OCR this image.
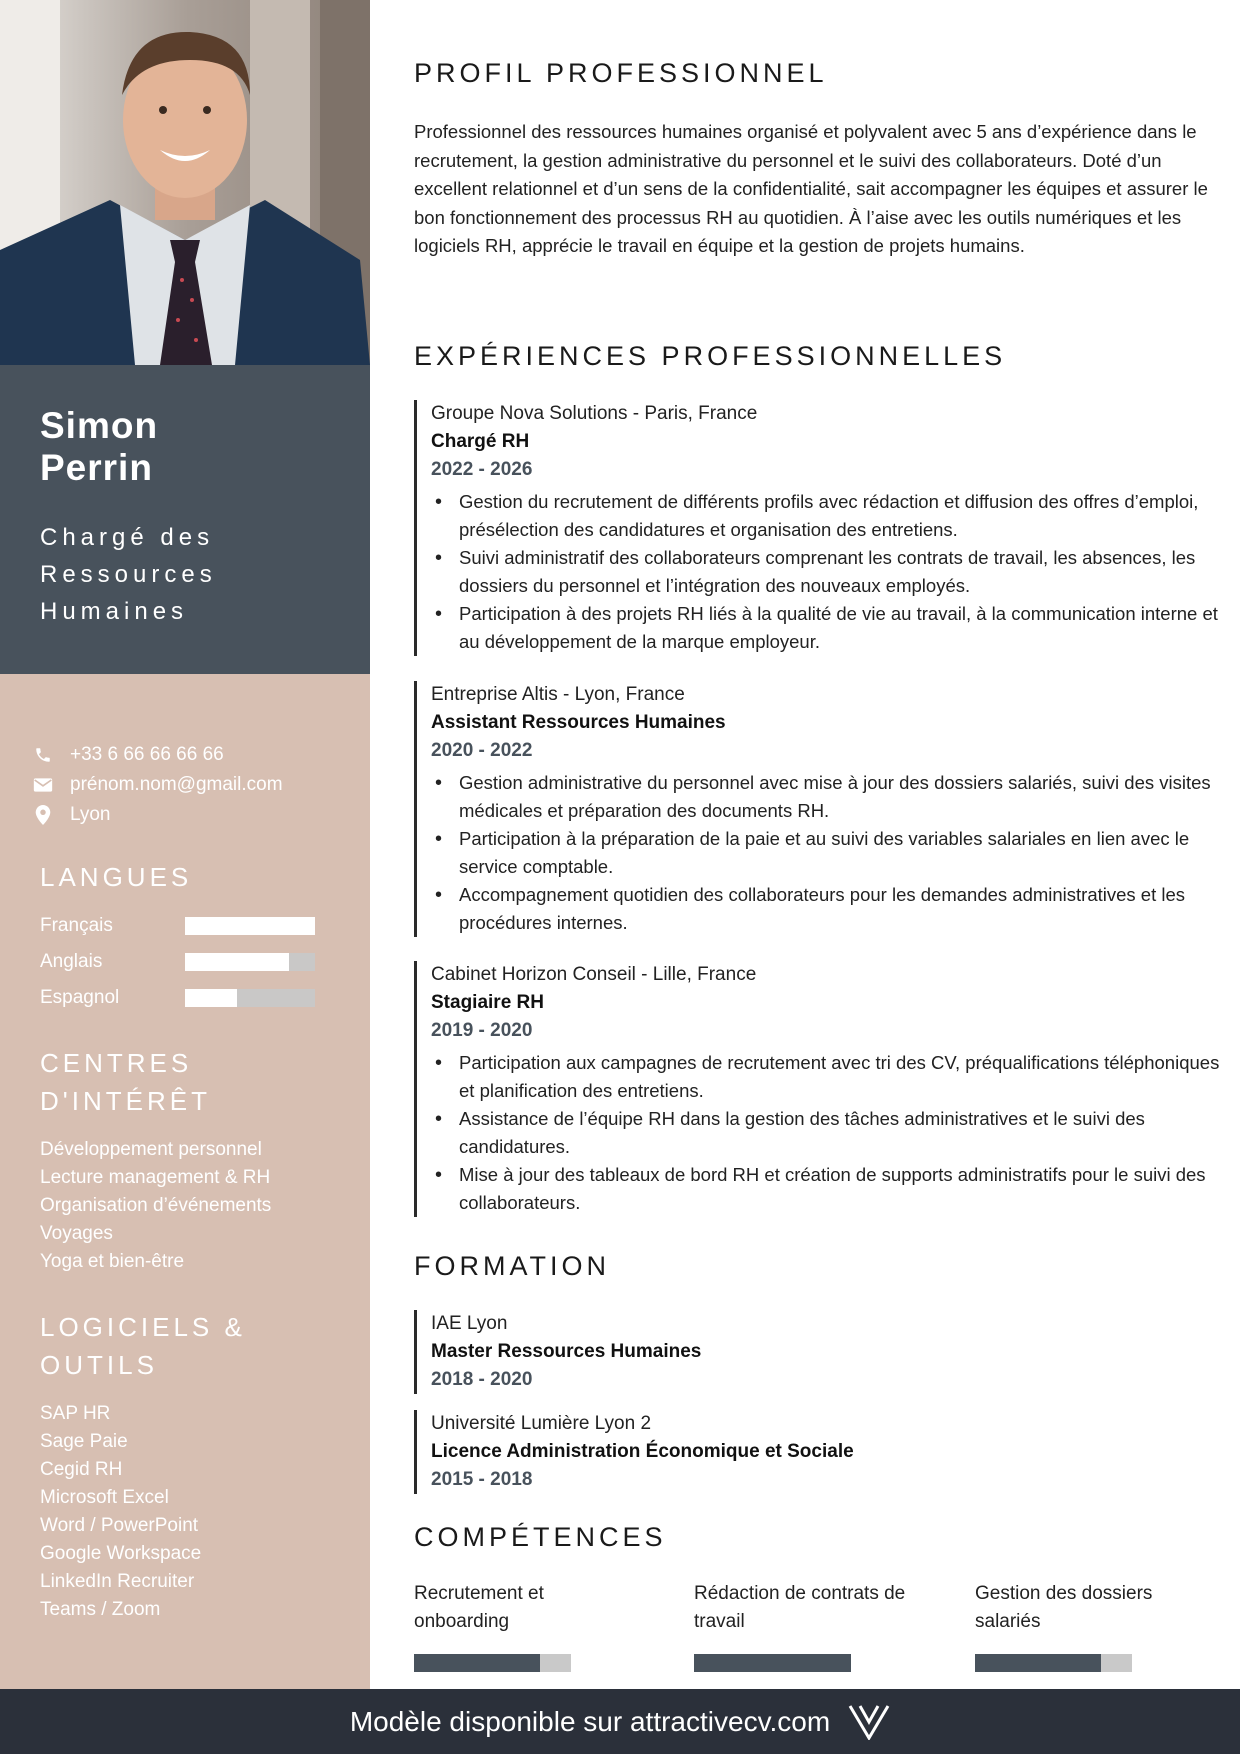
Simon
Perrin
Chargé des
Ressources
Humaines
+33 6 66 66 66 66
prénom.nom@gmail.com
Lyon
LANGUES
Français
Anglais
Espagnol
CENTRES
D'INTÉRÊT
Développement personnel
Lecture management & RH
Organisation d’événements
Voyages
Yoga et bien-être
LOGICIELS &
OUTILS
SAP HR
Sage Paie
Cegid RH
Microsoft Excel
Word / PowerPoint
Google Workspace
LinkedIn Recruiter
Teams / Zoom
PROFIL PROFESSIONNEL

Professionnel des ressources humaines organisé et polyvalent avec 5 ans d’expérience dans le recrutement, la gestion administrative du personnel et le suivi des collaborateurs. Doté d’un excellent relationnel et d’un sens de la confidentialité, sait accompagner les équipes et assurer le bon fonctionnement des processus RH au quotidien. À l’aise avec les outils numériques et les logiciels RH, apprécie le travail en équipe et la gestion de projets humains.

EXPÉRIENCES PROFESSIONNELLES
Groupe Nova Solutions - Paris, France
Chargé RH
2022 - 2026
• Gestion du recrutement de différents profils avec rédaction et diffusion des offres d’emploi, présélection des candidatures et organisation des entretiens.
• Suivi administratif des collaborateurs comprenant les contrats de travail, les absences, les dossiers du personnel et l’intégration des nouveaux employés.
• Participation à des projets RH liés à la qualité de vie au travail, à la communication interne et au développement de la marque employeur.
Entreprise Altis - Lyon, France
Assistant Ressources Humaines
2020 - 2022
• Gestion administrative du personnel avec mise à jour des dossiers salariés, suivi des visites médicales et préparation des documents RH.
• Participation à la préparation de la paie et au suivi des variables salariales en lien avec le service comptable.
• Accompagnement quotidien des collaborateurs pour les demandes administratives et les procédures internes.
Cabinet Horizon Conseil - Lille, France
Stagiaire RH
2019 - 2020
• Participation aux campagnes de recrutement avec tri des CV, préqualifications téléphoniques et planification des entretiens.
• Assistance de l’équipe RH dans la gestion des tâches administratives et le suivi des candidatures.
• Mise à jour des tableaux de bord RH et création de supports administratifs pour le suivi des collaborateurs.
FORMATION
IAE Lyon
Master Ressources Humaines
2018 - 2020
Université Lumière Lyon 2
Licence Administration Économique et Sociale
2015 - 2018
COMPÉTENCES
Recrutement et
onboarding
Rédaction de contrats de
travail
Gestion des dossiers
salariés
Modèle disponible sur attractivecv.com
